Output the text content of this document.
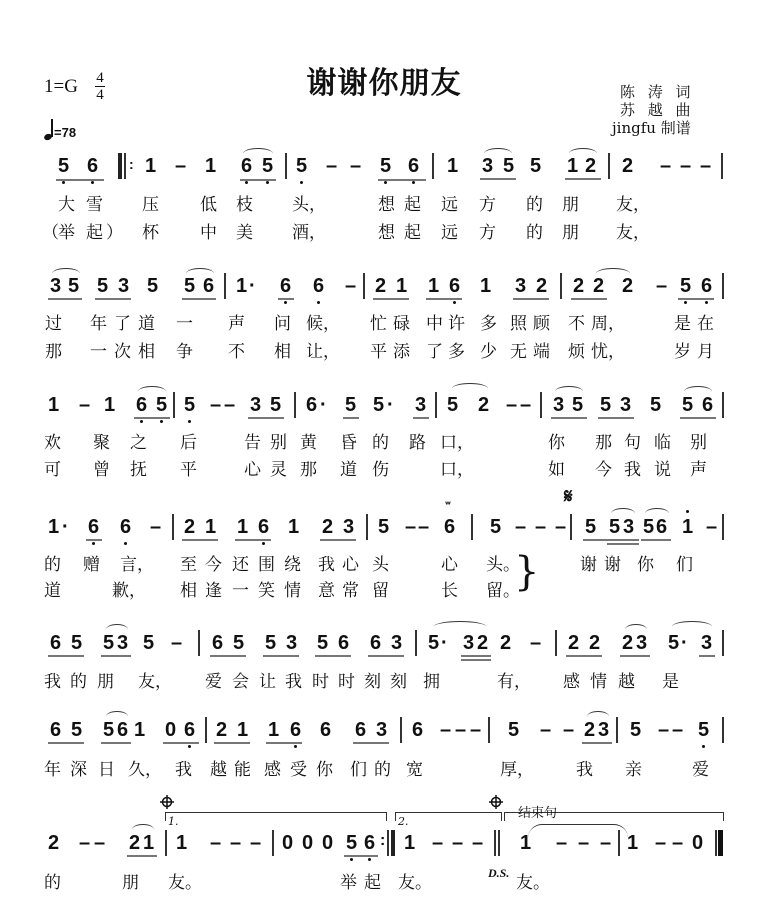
谢谢你朋友
1=G 4
4
=78
陈 涛 词
苏 越 曲
jingfu 制谱
5 6 : 1 – 1 6 5 5 – – 5 6 1 3 5 5 1 2 2 – – –
大 雪 压 低 枝 头，	想 起 远 方 的 朋 友，
（ 举 起 ） 杯 中 美 酒，	想 起 远 方 的 朋 友，
3 5 5 3 5 5 6 1 · 6 6 – 2 1 1 6 1 3 2 2 2 2 – 5 6
过 年 了 道 一 声 问 候， 忙 碌 中 许 多 照 顾 不 周，	是 在
那 一 次 相 争 不 相 让， 平 添 了 多 少 无 端 烦 忧，	岁 月
1 – 1 6 5 5 – – 3 5 6 · 5 5 · 3 5 2 – – 3 5 5 3 5 5 6
欢 聚 之 后	告 别 黄 昏 的 路 口，	你 那 句 临 别
可 曾 抚 平	心 灵 那 道 伤	口，	如 今 我 说 声
1 · 6 6 – 2 1 1 6 1 2 3 5 – – 6
ʷ
5 – – –
𝄋
5 5 3 5 6 1 –
的 赠 言， 至 今 还 围 绕 我 心 头	心 头。
} 谢 谢 你 们
道	歉， 相 逢 一 笑 情 意 常 留	长 留。
6 5 5 3 5 – 6 5 5 3 5 6 6 3 5 · 3 2 2 – 2 2 2 3 5 · 3
我 的 朋 友， 爱 会 让 我 时 时 刻 刻 拥	有， 感 情 越 是
6 5 5 6 1 0 6 2 1 1 6 6 6 3 6 – – – 5 – – 2 3 5 – – 5
年 深 日 久， 我 越 能 感 受 你 们 的 宽	厚， 我 亲	爱
1.	2.
结束句
2 – – 2 1 1 – – – 0 0 0 5 6 : 1 – – – 1 – – – 1 – – 0
的	朋 友。	举 起 友。	D.S. 友。
